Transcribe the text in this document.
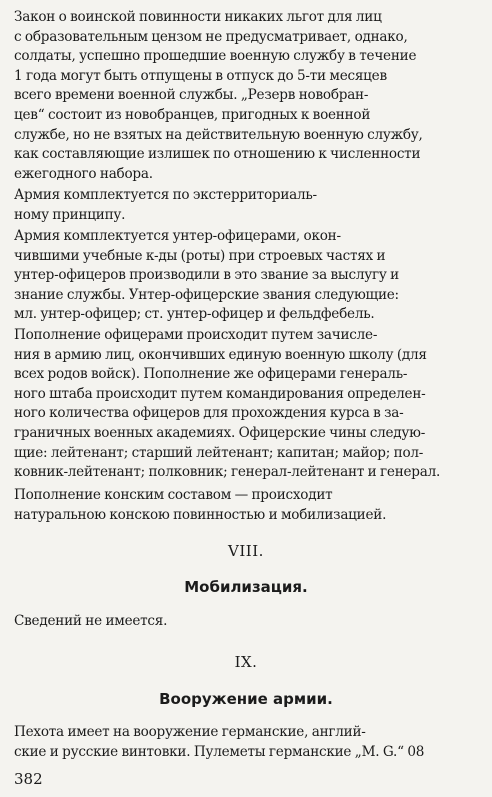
Закон о воинской повинности никаких льгот для лиц
с образовательным цензом не предусматривает, однако,
солдаты, успешно прошедшие военную службу в течение
1 года могут быть отпущены в отпуск до 5-ти месяцев
всего времени военной службы. „Резерв новобран-
цев“ состоит из новобранцев, пригодных к военной
службе, но не взятых на действительную военную службу,
как составляющие излишек по отношению к численности
ежегодного набора.

Армия комплектуется по экстерриториаль-
ному принципу.

Армия комплектуется унтер-офицерами, окон-
чившими учебные к-ды (роты) при строевых частях и
унтер-офицеров производили в это звание за выслугу и
знание службы. Унтер-офицерские звания следующие:
мл. унтер-офицер; ст. унтер-офицер и фельдфебель.

Пополнение офицерами происходит путем зачисле-
ния в армию лиц, окончивших единую военную школу (для
всех родов войск). Пополнение же офицерами генераль-
ного штаба происходит путем командирования определен-
ного количества офицеров для прохождения курса в за-
граничных военных академиях. Офицерские чины следую-
щие: лейтенант; старший лейтенант; капитан; майор; пол-
ковник-лейтенант; полковник; генерал-лейтенант и генерал.

Пополнение конским составом — происходит
натуральною конскою повинностью и мобилизацией.

VIII.

Мобилизация.

Сведений не имеется.

IX.

Вооружение армии.

Пехота имеет на вооружение германские, англий-
ские и русские винтовки. Пулеметы германские „M. G.“ 08

382
